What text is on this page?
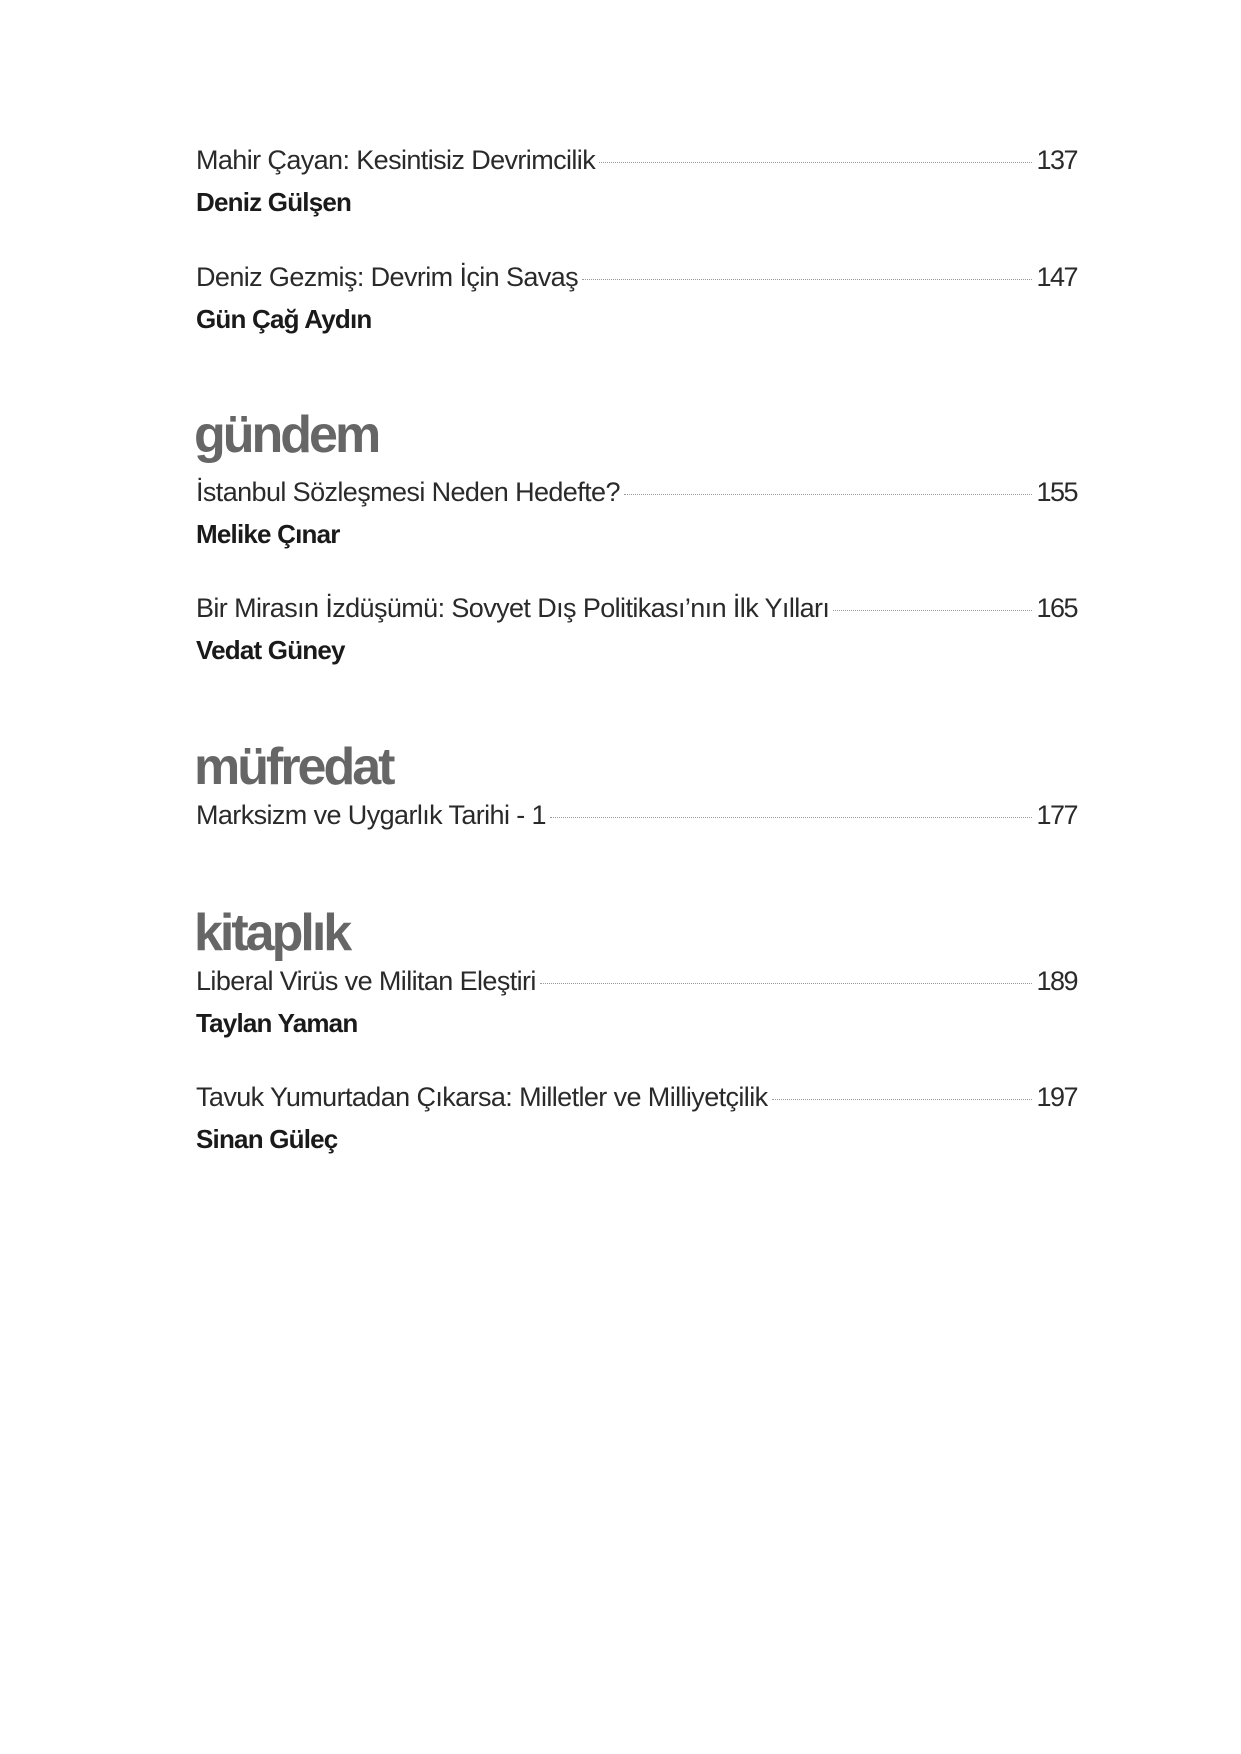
Mahir Çayan: Kesintisiz Devrimcilik	137
Deniz Gülşen
Deniz Gezmiş: Devrim İçin Savaş	147
Gün Çağ Aydın
gündem
İstanbul Sözleşmesi Neden Hedefte?	155
Melike Çınar
Bir Mirasın İzdüşümü: Sovyet Dış Politikası’nın İlk Yılları	165
Vedat Güney
müfredat
Marksizm ve Uygarlık Tarihi - 1	177
kitaplık
Liberal Virüs ve Militan Eleştiri	189
Taylan Yaman
Tavuk Yumurtadan Çıkarsa: Milletler ve Milliyetçilik	197
Sinan Güleç
